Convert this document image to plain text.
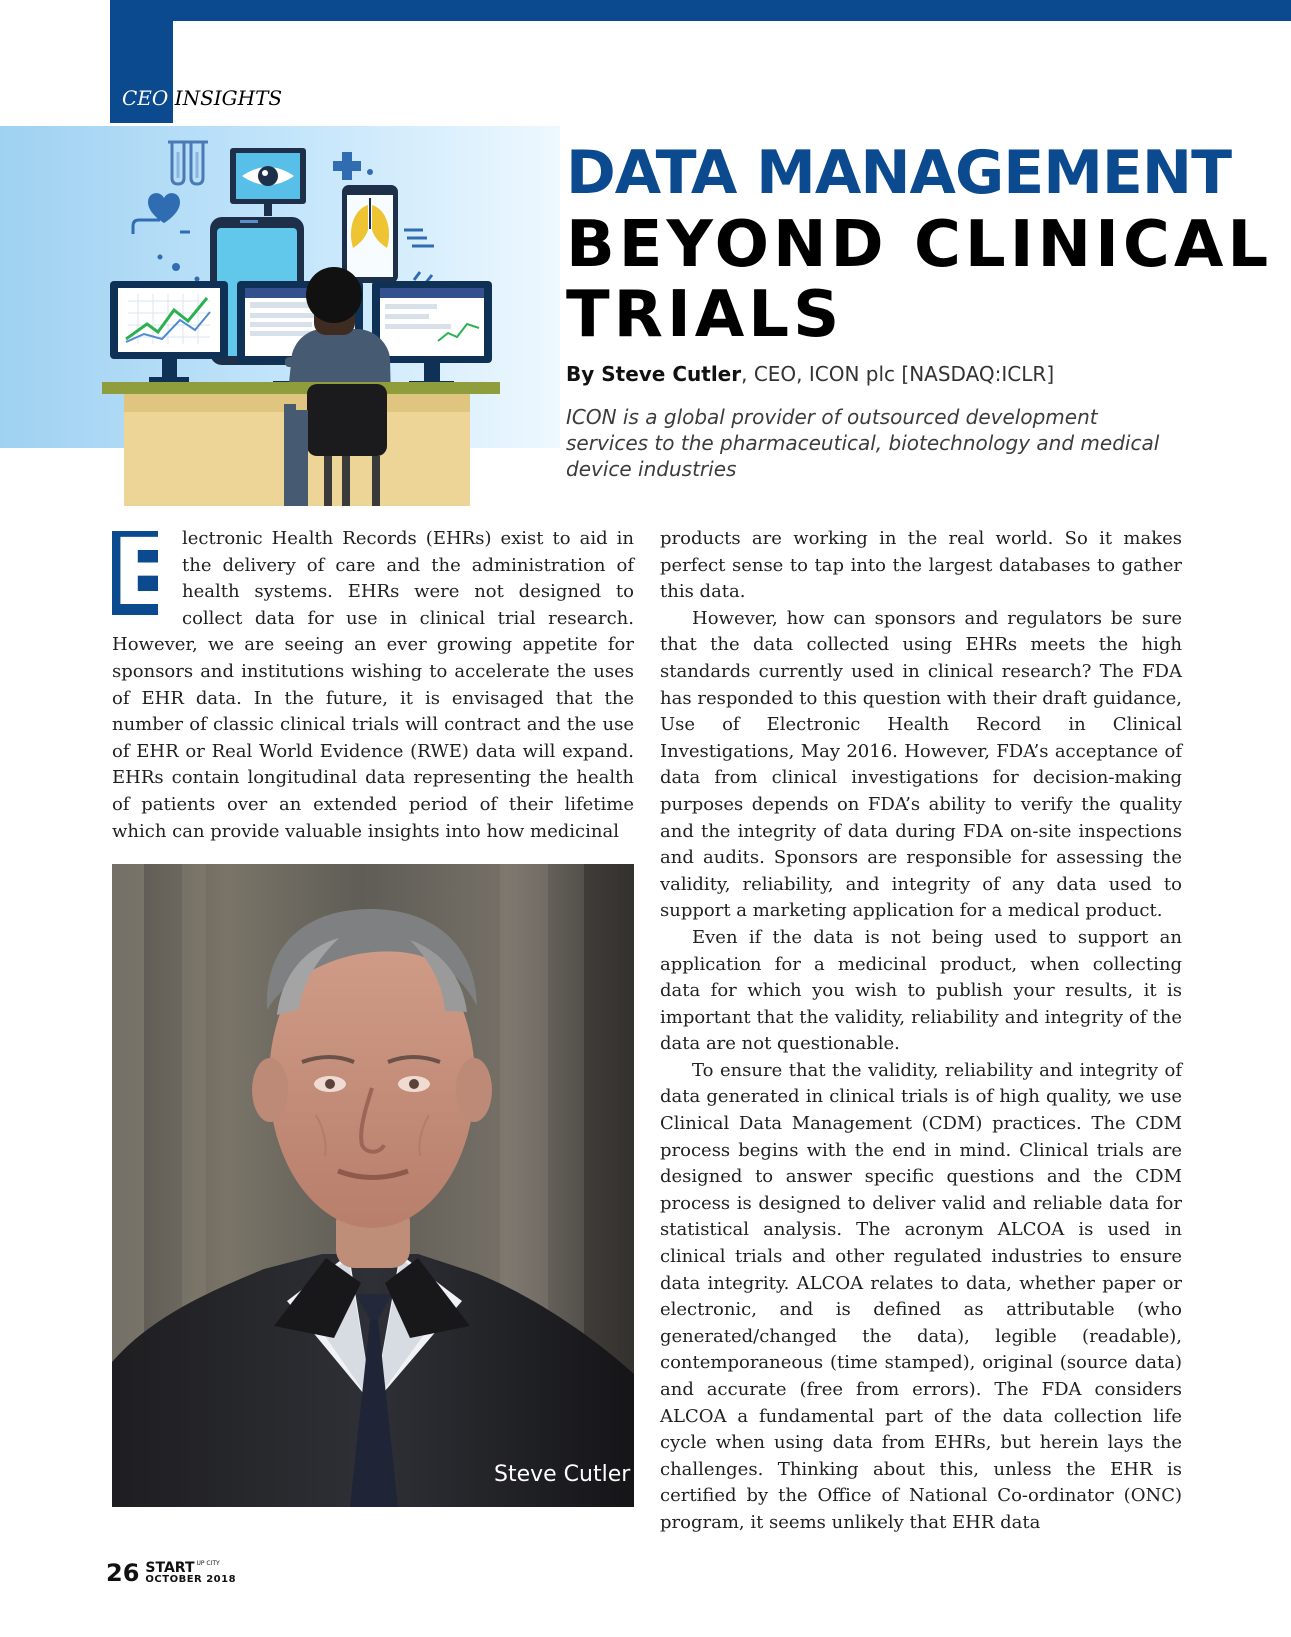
CEO INSIGHTS
DATA MANAGEMENT
BEYOND CLINICAL
TRIALS
By Steve Cutler, CEO, ICON plc [NASDAQ:ICLR]
ICON is a global provider of outsourced development services to the pharmaceutical, biotechnology and medical device industries
E lectronic Health Records (EHRs) exist to aid in the delivery of care and the administration of health systems. EHRs were not designed to collect data for use in clinical trial research. However, we are seeing an ever growing appetite for sponsors and institutions wishing to accelerate the uses of EHR data. In the future, it is envisaged that the number of classic clinical trials will contract and the use of EHR or Real World Evidence (RWE) data will expand. EHRs contain longitudinal data representing the health of patients over an extended period of their lifetime which can provide valuable insights into how medicinal

products are working in the real world. So it makes perfect sense to tap into the largest databases to gather this data.

However, how can sponsors and regulators be sure that the data collected using EHRs meets the high standards currently used in clinical research? The FDA has responded to this question with their draft guidance, Use of Electronic Health Record in Clinical Investigations, May 2016. However, FDA’s acceptance of data from clinical investigations for decision-making purposes depends on FDA’s ability to verify the quality and the integrity of data during FDA on-site inspections and audits. Sponsors are responsible for assessing the validity, reliability, and integrity of any data used to support a marketing application for a medical product.

Even if the data is not being used to support an application for a medicinal product, when collecting data for which you wish to publish your results, it is important that the validity, reliability and integrity of the data are not questionable.

To ensure that the validity, reliability and integrity of data generated in clinical trials is of high quality, we use Clinical Data Management (CDM) practices. The CDM process begins with the end in mind. Clinical trials are designed to answer specific questions and the CDM process is designed to deliver valid and reliable data for statistical analysis. The acronym ALCOA is used in clinical trials and other regulated industries to ensure data integrity. ALCOA relates to data, whether paper or electronic, and is defined as attributable (who generated/changed the data), legible (readable), contemporaneous (time stamped), original (source data) and accurate (free from errors). The FDA considers ALCOA a fundamental part of the data collection life cycle when using data from EHRs, but herein lays the challenges. Thinking about this, unless the EHR is certified by the Office of National Co-ordinator (ONC) program, it seems unlikely that EHR data

Steve Cutler
26 START UP CITY
OCTOBER 2018
